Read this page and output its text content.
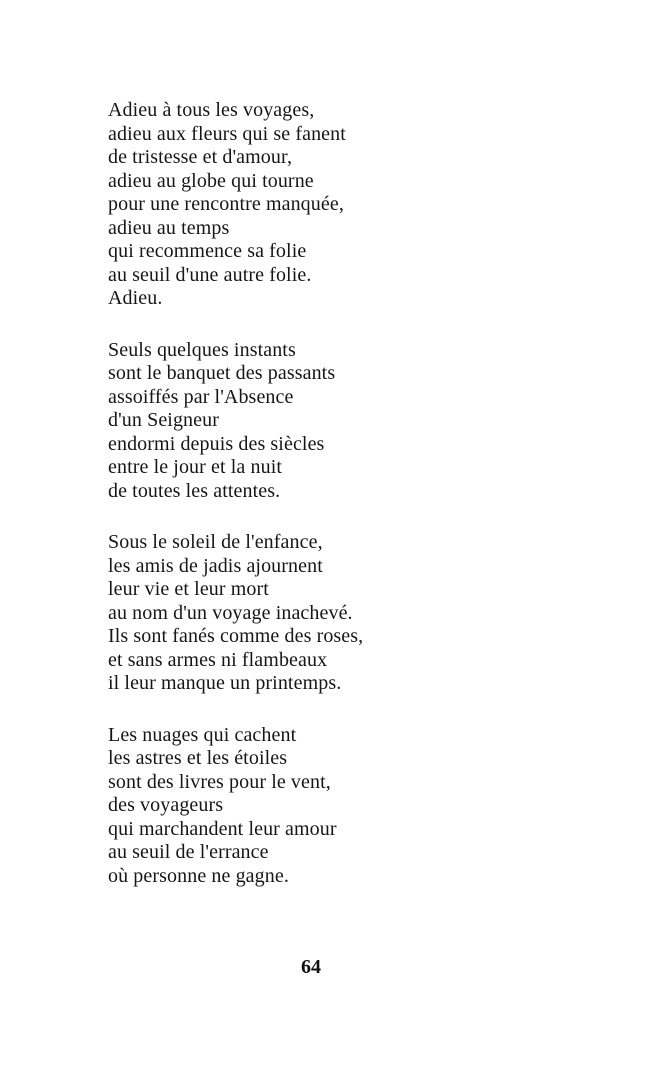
Adieu à tous les voyages,
adieu aux fleurs qui se fanent
de tristesse et d'amour,
adieu au globe qui tourne
pour une rencontre manquée,
adieu au temps
qui recommence sa folie
au seuil d'une autre folie.
Adieu.
Seuls quelques instants
sont le banquet des passants
assoiffés par l'Absence
d'un Seigneur
endormi depuis des siècles
entre le jour et la nuit
de toutes les attentes.
Sous le soleil de l'enfance,
les amis de jadis ajournent
leur vie et leur mort
au nom d'un voyage inachevé.
Ils sont fanés comme des roses,
et sans armes ni flambeaux
il leur manque un printemps.
Les nuages qui cachent
les astres et les étoiles
sont des livres pour le vent,
des voyageurs
qui marchandent leur amour
au seuil de l'errance
où personne ne gagne.
64
